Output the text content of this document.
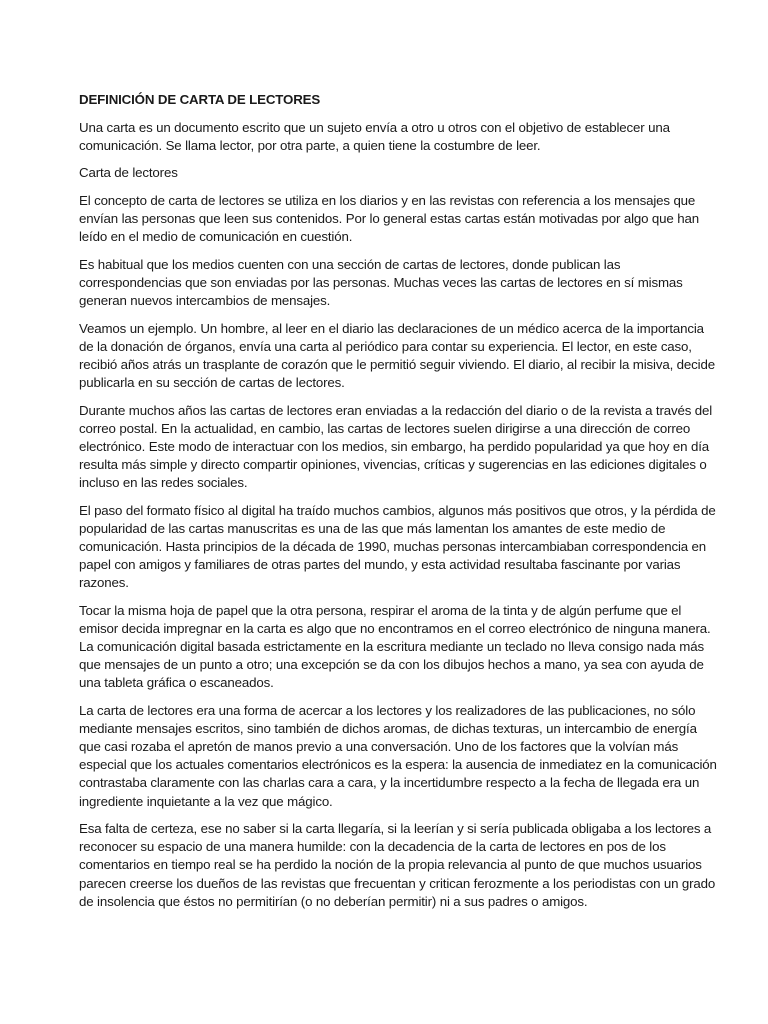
DEFINICIÓN DE CARTA DE LECTORES

Una carta es un documento escrito que un sujeto envía a otro u otros con el objetivo de establecer una comunicación. Se llama lector, por otra parte, a quien tiene la costumbre de leer.

Carta de lectores

El concepto de carta de lectores se utiliza en los diarios y en las revistas con referencia a los mensajes que envían las personas que leen sus contenidos. Por lo general estas cartas están motivadas por algo que han leído en el medio de comunicación en cuestión.

Es habitual que los medios cuenten con una sección de cartas de lectores, donde publican las correspondencias que son enviadas por las personas. Muchas veces las cartas de lectores en sí mismas generan nuevos intercambios de mensajes.

Veamos un ejemplo. Un hombre, al leer en el diario las declaraciones de un médico acerca de la importancia de la donación de órganos, envía una carta al periódico para contar su experiencia. El lector, en este caso, recibió años atrás un trasplante de corazón que le permitió seguir viviendo. El diario, al recibir la misiva, decide publicarla en su sección de cartas de lectores.

Durante muchos años las cartas de lectores eran enviadas a la redacción del diario o de la revista a través del correo postal. En la actualidad, en cambio, las cartas de lectores suelen dirigirse a una dirección de correo electrónico. Este modo de interactuar con los medios, sin embargo, ha perdido popularidad ya que hoy en día resulta más simple y directo compartir opiniones, vivencias, críticas y sugerencias en las ediciones digitales o incluso en las redes sociales.

El paso del formato físico al digital ha traído muchos cambios, algunos más positivos que otros, y la pérdida de popularidad de las cartas manuscritas es una de las que más lamentan los amantes de este medio de comunicación. Hasta principios de la década de 1990, muchas personas intercambiaban correspondencia en papel con amigos y familiares de otras partes del mundo, y esta actividad resultaba fascinante por varias razones.

Tocar la misma hoja de papel que la otra persona, respirar el aroma de la tinta y de algún perfume que el emisor decida impregnar en la carta es algo que no encontramos en el correo electrónico de ninguna manera. La comunicación digital basada estrictamente en la escritura mediante un teclado no lleva consigo nada más que mensajes de un punto a otro; una excepción se da con los dibujos hechos a mano, ya sea con ayuda de una tableta gráfica o escaneados.

La carta de lectores era una forma de acercar a los lectores y los realizadores de las publicaciones, no sólo mediante mensajes escritos, sino también de dichos aromas, de dichas texturas, un intercambio de energía que casi rozaba el apretón de manos previo a una conversación. Uno de los factores que la volvían más especial que los actuales comentarios electrónicos es la espera: la ausencia de inmediatez en la comunicación contrastaba claramente con las charlas cara a cara, y la incertidumbre respecto a la fecha de llegada era un ingrediente inquietante a la vez que mágico.

Esa falta de certeza, ese no saber si la carta llegaría, si la leerían y si sería publicada obligaba a los lectores a reconocer su espacio de una manera humilde: con la decadencia de la carta de lectores en pos de los comentarios en tiempo real se ha perdido la noción de la propia relevancia al punto de que muchos usuarios parecen creerse los dueños de las revistas que frecuentan y critican ferozmente a los periodistas con un grado de insolencia que éstos no permitirían (o no deberían permitir) ni a sus padres o amigos.
